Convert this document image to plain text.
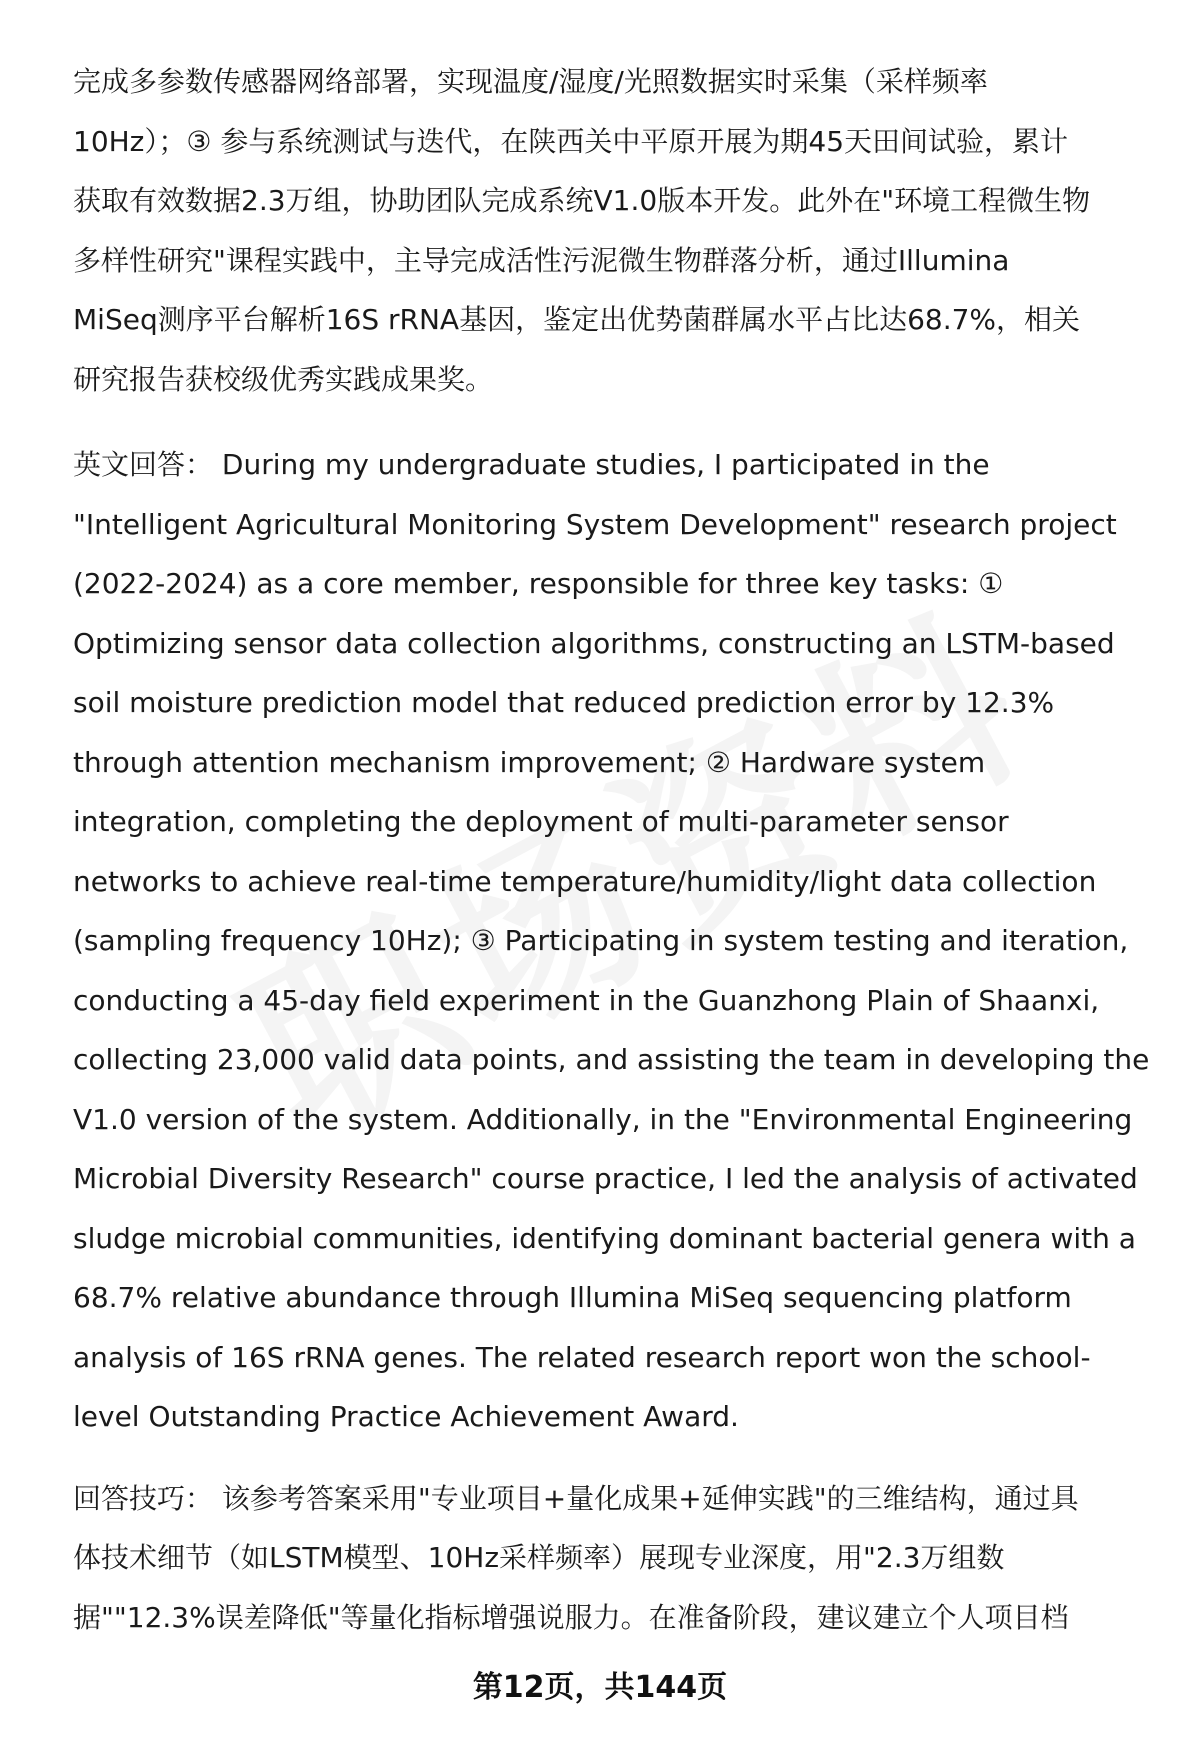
完成多参数传感器网络部署，实现温度/湿度/光照数据实时采集（采样频率
10Hz）；③ 参与系统测试与迭代，在陕西关中平原开展为期45天田间试验，累计
获取有效数据2.3万组，协助团队完成系统V1.0版本开发。此外在"环境工程微生物
多样性研究"课程实践中，主导完成活性污泥微生物群落分析，通过Illumina
MiSeq测序平台解析16S rRNA基因，鉴定出优势菌群属水平占比达68.7%，相关
研究报告获校级优秀实践成果奖。
英文回答： During my undergraduate studies, I participated in the
"Intelligent Agricultural Monitoring System Development" research project
(2022-2024) as a core member, responsible for three key tasks: ①
Optimizing sensor data collection algorithms, constructing an LSTM-based
soil moisture prediction model that reduced prediction error by 12.3%
through attention mechanism improvement; ② Hardware system
integration, completing the deployment of multi-parameter sensor
networks to achieve real-time temperature/humidity/light data collection
(sampling frequency 10Hz); ③ Participating in system testing and iteration,
conducting a 45-day field experiment in the Guanzhong Plain of Shaanxi,
collecting 23,000 valid data points, and assisting the team in developing the
V1.0 version of the system. Additionally, in the "Environmental Engineering
Microbial Diversity Research" course practice, I led the analysis of activated
sludge microbial communities, identifying dominant bacterial genera with a
68.7% relative abundance through Illumina MiSeq sequencing platform
analysis of 16S rRNA genes. The related research report won the school-
level Outstanding Practice Achievement Award.
回答技巧： 该参考答案采用"专业项目+量化成果+延伸实践"的三维结构，通过具
体技术细节（如LSTM模型、10Hz采样频率）展现专业深度，用"2.3万组数
据""12.3%误差降低"等量化指标增强说服力。在准备阶段，建议建立个人项目档
第12页，共144页
